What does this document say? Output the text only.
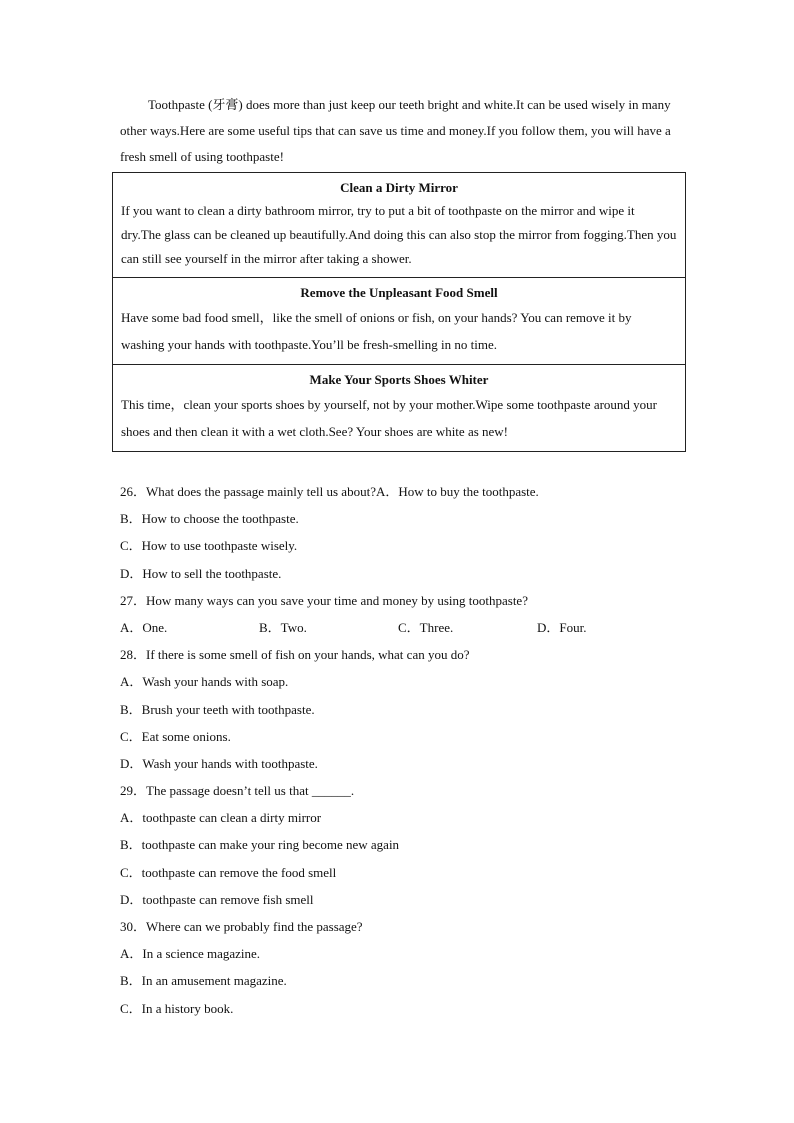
Toothpaste (牙膏) does more than just keep our teeth bright and white.It can be used wisely in many other ways.Here are some useful tips that can save us time and money.If you follow them, you will have a fresh smell of using toothpaste!

Clean a Dirty Mirror
If you want to clean a dirty bathroom mirror, try to put a bit of toothpaste on the mirror and wipe it dry.The glass can be cleaned up beautifully.And doing this can also stop the mirror from fogging.Then you can still see yourself in the mirror after taking a shower.
Remove the Unpleasant Food Smell
Have some bad food smell，like the smell of onions or fish, on your hands? You can remove it by washing your hands with toothpaste.You’ll be fresh-smelling in no time.
Make Your Sports Shoes Whiter
This time，clean your sports shoes by yourself, not by your mother.Wipe some toothpaste around your shoes and then clean it with a wet cloth.See? Your shoes are white as new!
26．What does the passage mainly tell us about?A．How to buy the toothpaste.
B．How to choose the toothpaste.
C．How to use toothpaste wisely.
D．How to sell the toothpaste.
27．How many ways can you save your time and money by using toothpaste?
A．One.	B．Two.	C．Three.	D．Four.
28．If there is some smell of fish on your hands, what can you do?
A．Wash your hands with soap.
B．Brush your teeth with toothpaste.
C．Eat some onions.
D．Wash your hands with toothpaste.
29．The passage doesn’t tell us that ______.
A．toothpaste can clean a dirty mirror
B．toothpaste can make your ring become new again
C．toothpaste can remove the food smell
D．toothpaste can remove fish smell
30．Where can we probably find the passage?
A．In a science magazine.
B．In an amusement magazine.
C．In a history book.
